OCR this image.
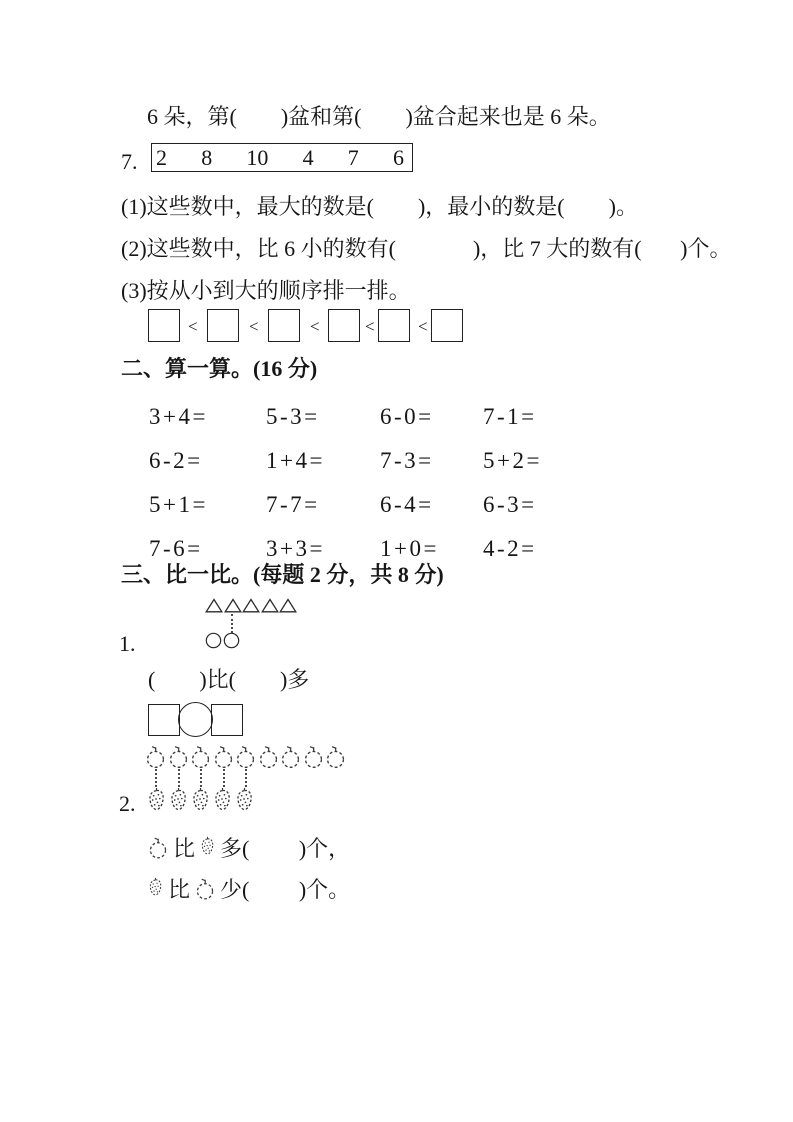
6 朵，第(        )盆和第(        )盆合起来也是 6 朵。
7. 2 8 10 4 7 6
(1)这些数中，最大的数是(        )，最小的数是(        )。
(2)这些数中，比 6 小的数有(              )，比 7 大的数有(       )个。
(3)按从小到大的顺序排一排。
<	<	<	<	<
二、算一算。(16 分)
3+4=	5-3=	6-0= 7-1=
6-2=	1+4= 7-3= 5+2=
5+1=	7-7=	6-4= 6-3=
7-6=	3+3= 1+0= 4-2=
三、比一比。(每题 2 分，共 8 分)
1.
(        )比(        )多
2.
比 多(         )个，
比 少(         )个。
